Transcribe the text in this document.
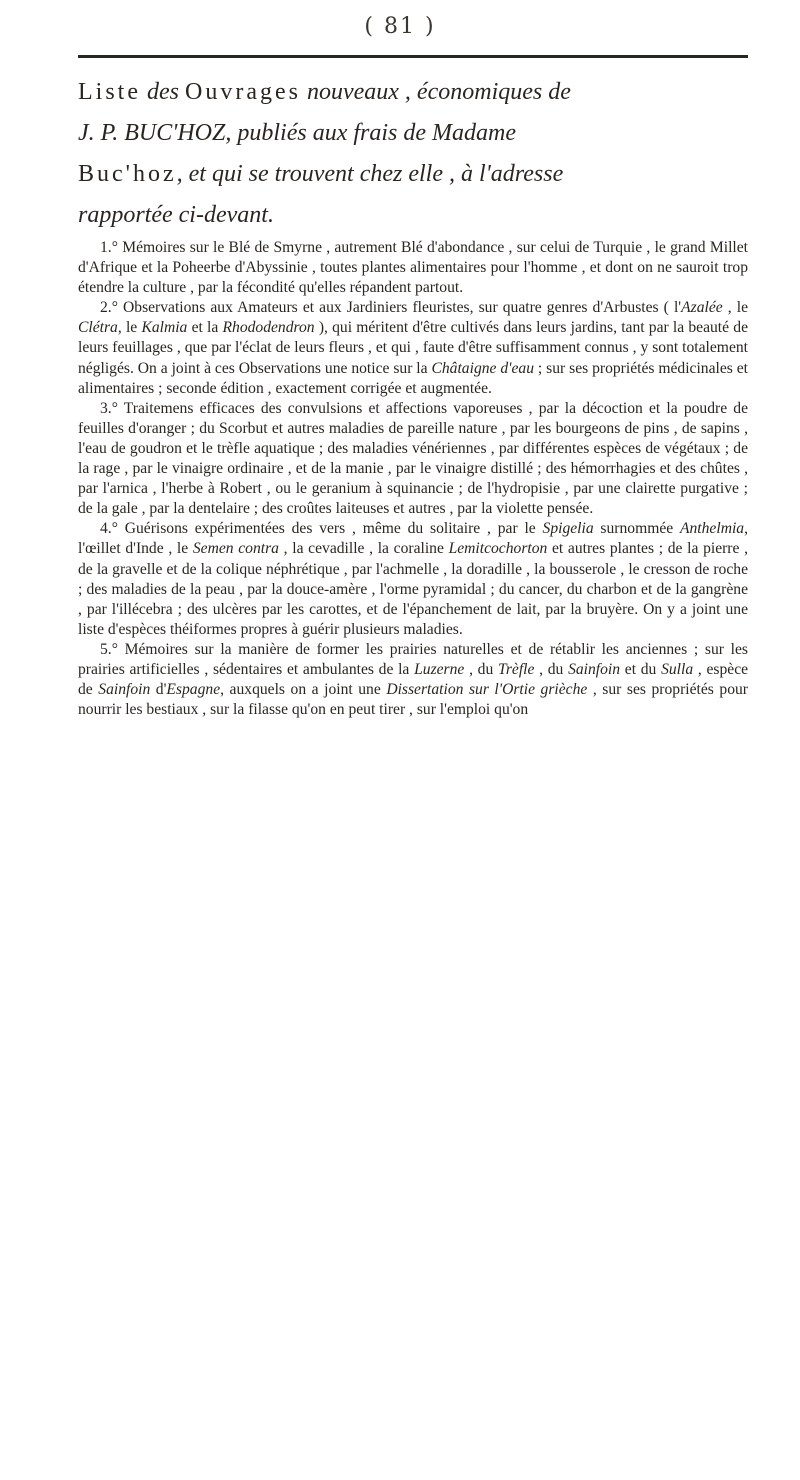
( 81 )
Liste des Ouvrages nouveaux , économiques de
J. P. BUC'HOZ, publiés aux frais de Madame
Buc'hoz, et qui se trouvent chez elle , à l'adresse
rapportée ci-devant.

1.° Mémoires sur le Blé de Smyrne , autrement Blé d'abondance , sur celui de Turquie , le grand Millet d'Afrique et la Poheerbe d'Abyssinie , toutes plantes alimentaires pour l'homme , et dont on ne sauroit trop étendre la culture , par la fécondité qu'elles répandent partout.

2.° Observations aux Amateurs et aux Jardiniers fleuristes, sur quatre genres d'Arbustes ( l'Azalée , le Clétra, le Kalmia et la Rhododendron ), qui méritent d'être cultivés dans leurs jardins, tant par la beauté de leurs feuillages , que par l'éclat de leurs fleurs , et qui , faute d'être suffisamment connus , y sont totalement négligés. On a joint à ces Observations une notice sur la Châtaigne d'eau ; sur ses propriétés médicinales et alimentaires ; seconde édition , exactement corrigée et augmentée.

3.° Traitemens efficaces des convulsions et affections vaporeuses , par la décoction et la poudre de feuilles d'oranger ; du Scorbut et autres maladies de pareille nature , par les bourgeons de pins , de sapins , l'eau de goudron et le trèfle aquatique ; des maladies vénériennes , par différentes espèces de végétaux ; de la rage , par le vinaigre ordinaire , et de la manie , par le vinaigre distillé ; des hémorrhagies et des chûtes , par l'arnica , l'herbe à Robert , ou le geranium à squinancie ; de l'hydropisie , par une clairette purgative ; de la gale , par la dentelaire ; des croûtes laiteuses et autres , par la violette pensée.

4.° Guérisons expérimentées des vers , même du solitaire , par le Spigelia surnommée Anthelmia, l'œillet d'Inde , le Semen contra , la cevadille , la coraline Lemitcochorton et autres plantes ; de la pierre , de la gravelle et de la colique néphrétique , par l'achmelle , la doradille , la bousserole , le cresson de roche ; des maladies de la peau , par la douce-amère , l'orme pyramidal ; du cancer, du charbon et de la gangrène , par l'illécebra ; des ulcères par les carottes, et de l'épanchement de lait, par la bruyère. On y a joint une liste d'espèces théiformes propres à guérir plusieurs maladies.

5.° Mémoires sur la manière de former les prairies naturelles et de rétablir les anciennes ; sur les prairies artificielles , sédentaires et ambulantes de la Luzerne , du Trèfle , du Sainfoin et du Sulla , espèce de Sainfoin d'Espagne, auxquels on a joint une Dissertation sur l'Ortie grièche , sur ses propriétés pour nourrir les bestiaux , sur la filasse qu'on en peut tirer , sur l'emploi qu'on
